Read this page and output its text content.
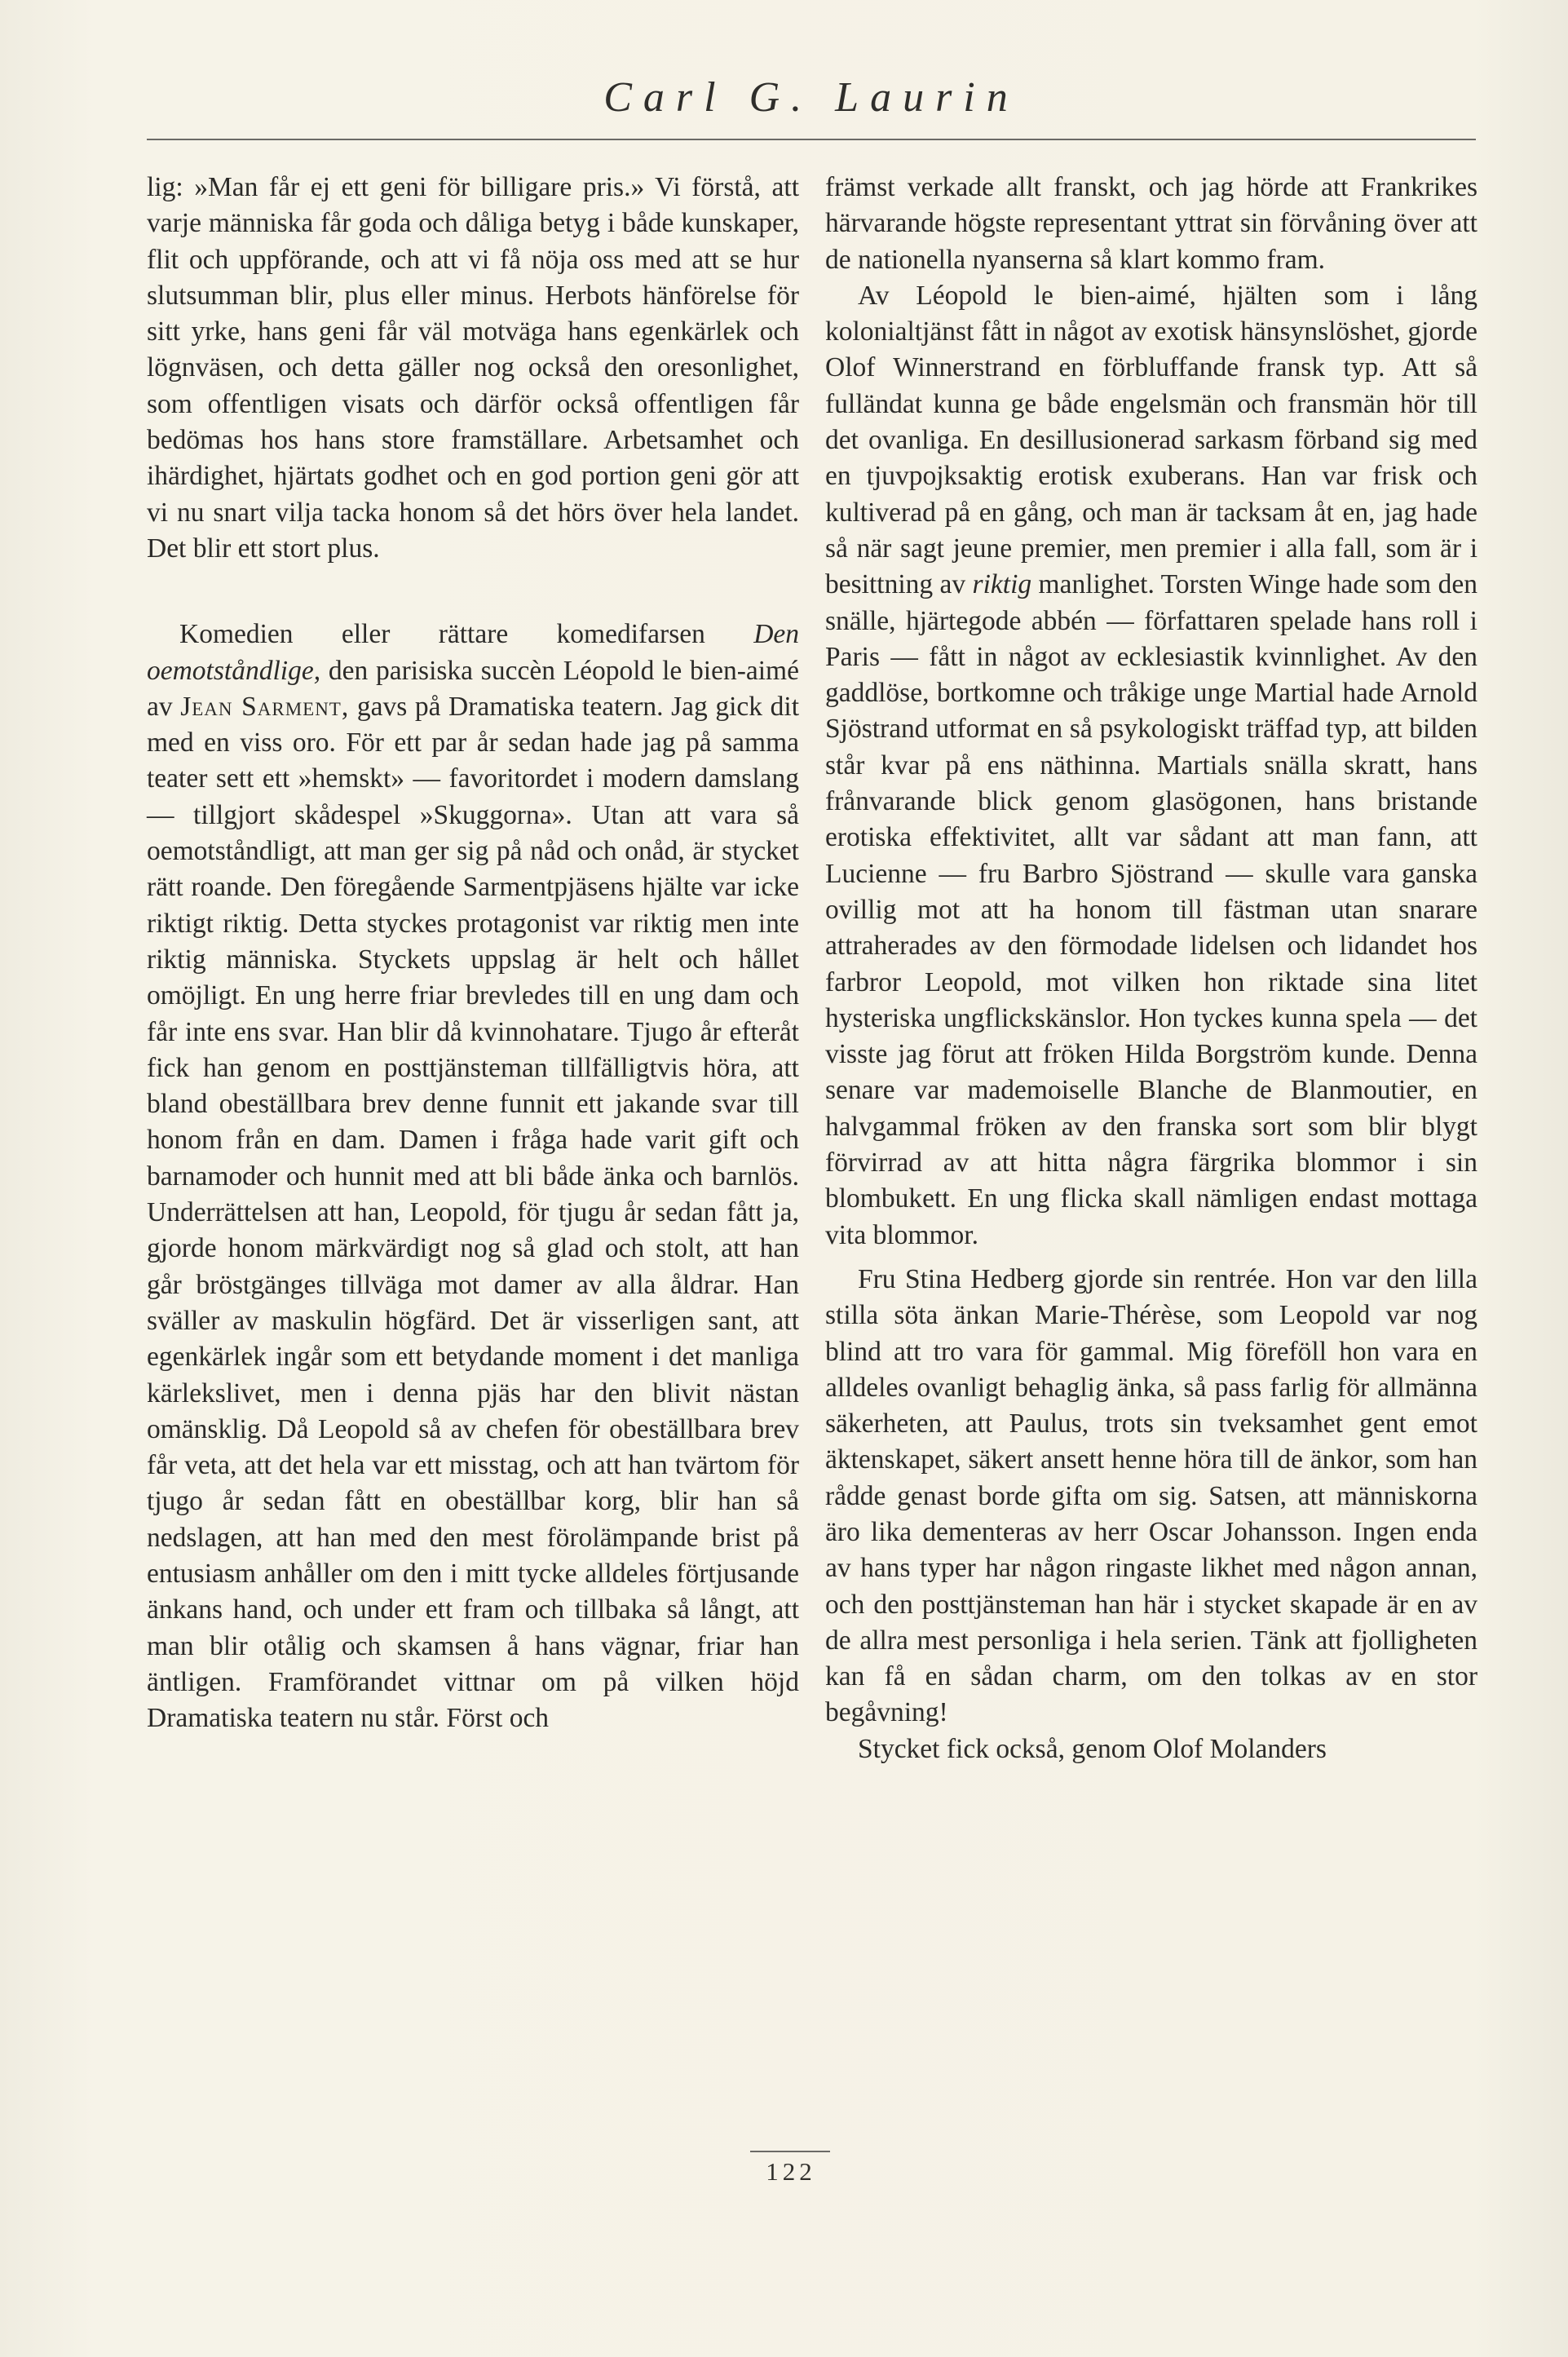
Carl G. Laurin

lig: »Man får ej ett geni för billigare pris.» Vi förstå, att varje människa får goda och dåliga betyg i både kunskaper, flit och uppförande, och att vi få nöja oss med att se hur slutsumman blir, plus eller minus. Herbots hänförelse för sitt yrke, hans geni får väl motväga hans egenkärlek och lögnväsen, och detta gäller nog också den oresonlighet, som offentligen visats och därför också offentligen får bedömas hos hans store framställare. Arbetsamhet och ihärdighet, hjärtats godhet och en god portion geni gör att vi nu snart vilja tacka honom så det hörs över hela landet. Det blir ett stort plus.

Komedien eller rättare komedifarsen Den oemotståndlige, den parisiska succèn Léopold le bien-aimé av Jean Sarment, gavs på Dramatiska teatern. Jag gick dit med en viss oro. För ett par år sedan hade jag på samma teater sett ett »hemskt» — favoritordet i modern damslang — tillgjort skådespel »Skuggorna». Utan att vara så oemotståndligt, att man ger sig på nåd och onåd, är stycket rätt roande. Den föregående Sarmentpjäsens hjälte var icke riktigt riktig. Detta styckes protagonist var riktig men inte riktig människa. Styckets uppslag är helt och hållet omöjligt. En ung herre friar brevledes till en ung dam och får inte ens svar. Han blir då kvinnohatare. Tjugo år efteråt fick han genom en posttjänsteman tillfälligtvis höra, att bland obeställbara brev denne funnit ett jakande svar till honom från en dam. Damen i fråga hade varit gift och barnamoder och hunnit med att bli både änka och barnlös. Underrättelsen att han, Leopold, för tjugu år sedan fått ja, gjorde honom märkvärdigt nog så glad och stolt, att han går bröstgänges tillväga mot damer av alla åldrar. Han sväller av maskulin högfärd. Det är visserligen sant, att egenkärlek ingår som ett betydande moment i det manliga kärlekslivet, men i denna pjäs har den blivit nästan omänsklig. Då Leopold så av chefen för obeställbara brev får veta, att det hela var ett misstag, och att han tvärtom för tjugo år sedan fått en obeställbar korg, blir han så nedslagen, att han med den mest förolämpande brist på entusiasm anhåller om den i mitt tycke alldeles förtjusande änkans hand, och under ett fram och tillbaka så långt, att man blir otålig och skamsen å hans vägnar, friar han äntligen. Framförandet vittnar om på vilken höjd Dramatiska teatern nu står. Först och

främst verkade allt franskt, och jag hörde att Frankrikes härvarande högste representant yttrat sin förvåning över att de nationella nyanserna så klart kommo fram.

Av Léopold le bien-aimé, hjälten som i lång kolonialtjänst fått in något av exotisk hänsynslöshet, gjorde Olof Winnerstrand en förbluffande fransk typ. Att så fulländat kunna ge både engelsmän och fransmän hör till det ovanliga. En desillusionerad sarkasm förband sig med en tjuvpojksaktig erotisk exuberans. Han var frisk och kultiverad på en gång, och man är tacksam åt en, jag hade så när sagt jeune premier, men premier i alla fall, som är i besittning av riktig manlighet. Torsten Winge hade som den snälle, hjärtegode abbén — författaren spelade hans roll i Paris — fått in något av ecklesiastik kvinnlighet. Av den gaddlöse, bortkomne och tråkige unge Martial hade Arnold Sjöstrand utformat en så psykologiskt träffad typ, att bilden står kvar på ens näthinna. Martials snälla skratt, hans frånvarande blick genom glasögonen, hans bristande erotiska effektivitet, allt var sådant att man fann, att Lucienne — fru Barbro Sjöstrand — skulle vara ganska ovillig mot att ha honom till fästman utan snarare attraherades av den förmodade lidelsen och lidandet hos farbror Leopold, mot vilken hon riktade sina litet hysteriska ungflickskänslor. Hon tyckes kunna spela — det visste jag förut att fröken Hilda Borgström kunde. Denna senare var mademoiselle Blanche de Blanmoutier, en halvgammal fröken av den franska sort som blir blygt förvirrad av att hitta några färgrika blommor i sin blombukett. En ung flicka skall nämligen endast mottaga vita blommor.

Fru Stina Hedberg gjorde sin rentrée. Hon var den lilla stilla söta änkan Marie-Thérèse, som Leopold var nog blind att tro vara för gammal. Mig föreföll hon vara en alldeles ovanligt behaglig änka, så pass farlig för allmänna säkerheten, att Paulus, trots sin tveksamhet gent emot äktenskapet, säkert ansett henne höra till de änkor, som han rådde genast borde gifta om sig. Satsen, att människorna äro lika dementeras av herr Oscar Johansson. Ingen enda av hans typer har någon ringaste likhet med någon annan, och den posttjänsteman han här i stycket skapade är en av de allra mest personliga i hela serien. Tänk att fjolligheten kan få en sådan charm, om den tolkas av en stor begåvning!

Stycket fick också, genom Olof Molanders

122
